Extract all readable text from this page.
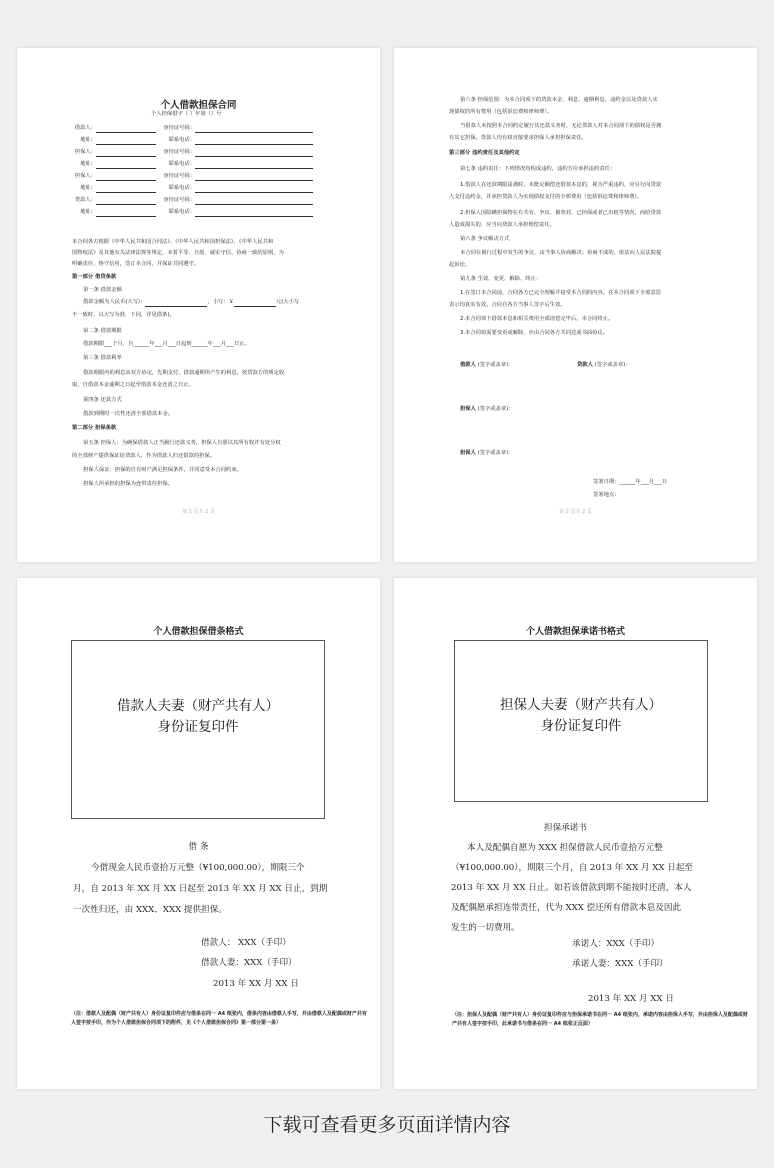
个人借款担保合同
个人担保借字（ ）年第（）号
借款人：	身份证号码：
地址：	联系电话：
担保人：	身份证号码：
地址：	联系电话：
担保人：	身份证号码：
地址：	联系电话：
贷款人：	身份证号码：
地址：	联系电话：
本合同各方根据《中华人民共和国合同法》、《中华人民共和国担保法》、《中华人民共和
国物权法》及其他有关法律法规等规定，本着平等、自愿、诚实守信、协商一致的原则，为
明确责任，恪守信用，签订本合同，并保证共同遵守。
第一部分 借贷条款
第一条 借款金额
借款金额为人民币(大写)：	，小写：￥	元(大小写
不一致时，以大写为准，下同，详见借条)。
第二条 借款期限
借款期限___个月，自______年___月___日起到______年___月___日止。
第三条 借款利率
借款期限内的利息由双方协定，先期支付，借款逾期所产生的利息，按贷款方的规定收
取，自借款本金逾期之日起至借款本金还清之日止。
第四条 还款方式
借款到期时一次性还清全部借款本金。
第二部分 担保条款
第五条 担保人：为确保借款人正当履行还款义务，担保人自愿以其所有权并有处分权
的全部财产提供保证给贷款人，作为借款人归还借款的担保。
担保人保证：担保的自有财产满足担保条件，并同意受本合同约束。
担保人所承担的担保为连带责任担保。
第 1 页共 2 页
第六条 担保范围：为本合同项下的贷款本金、利息、逾期利息、违约金以及贷款人实
现债权的所有费用（包括诉讼费和律师费）。
当借款人未按照本合同约定履行其还款义务时，无论贷款人对本合同项下的债权是否拥
有其它担保，贷款人均有权直接要求担保人承担担保责任。
第三部分 违约责任及其他约定
第七条 违约责任：下列情况均构成违约，违约方应承担违约责任：
1.借款人在还款期限届满时，未能足额偿还借款本息的，视为严重违约，应另行向贷款
人支付违约金，并承担贷款人为实现债权支付的全部费用（包括诉讼费和律师费）。
2.担保人因隐瞒担保物在有共有、争议、被查封、已担保或者已出租等情况，而给贷款
人造成损失的，应当向贷款人承担赔偿责任。
第八条 争议解决方式
本合同在履行过程中发生的争议，由当事人协商解决；协商不成的，依法向人民法院提
起诉讼。
第九条 生效、变更、解除、终止：
1.在签订本合同前，合同各方已完全理解并接受本合同的内容。在本合同项下全部意思
表示均真实有效。合同自各方当事人签字后生效。
2.本合同项下借款本息和相关费用全部清偿完毕后，本合同终止。
3.本合同如需要变更或解除，应由合同各方共同达成书面协议。
借款人 (签字或盖章)：	贷款人 (签字或盖章)：
担保人 (签字或盖章)：
担保人 (签字或盖章)：
签署日期：______年___月___日
签署地点：
第 2 页共 2 页
个人借款担保借条格式
借款人夫妻（财产共有人）
身份证复印件
借 条
今借现金人民币壹拾万元整（¥100,000.00），期限三个
月，自 2013 年 XX 月 XX 日起至 2013 年 XX 月 XX 日止，到期
一次性归还，由 XXX、XXX 提供担保。
借款人： XXX（手印）
借款人妻：XXX（手印）
2013 年 XX 月 XX 日
（注：借款人及配偶（财产共有人）身份证复印件应与借条在同一 A4 纸张内，借条内容由借款人手写，并由借款人及配偶或财产共有人签字按手印，作为个人借款担保合同项下的附件，见《个人借款担保合同》第一部分第一条）
个人借款担保承诺书格式
担保人夫妻（财产共有人）
身份证复印件
担保承诺书
本人及配偶自愿为 XXX 担保借款人民币壹拾万元整
（¥100,000.00），期限三个月，自 2013 年 XX 月 XX 日起至
2013 年 XX 月 XX 日止。如若该借款到期不能按时还清，本人
及配偶愿承担连带责任，代为 XXX 偿还所有借款本息及因此
发生的一切费用。
承诺人：XXX（手印）
承诺人妻：XXX（手印）
2013 年 XX 月 XX 日
（注：担保人及配偶（财产共有人）身份证复印件应与担保承诺书在同一 A4 纸张内，承诺内容由担保人手写，并由担保人及配偶或财产共有人签字按手印，此承诺书与借条在同一 A4 纸张正反面）
下载可查看更多页面详情内容
